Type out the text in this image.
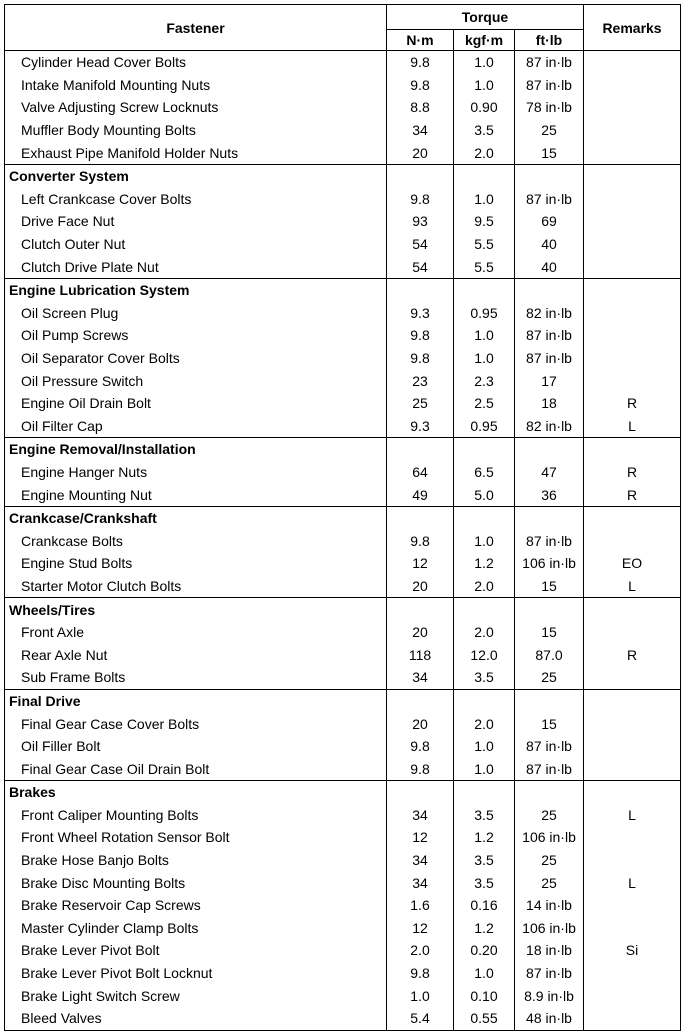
Fastener	Torque			Remarks
	N·m	kgf·m	ft·lb	
Cylinder Head Cover Bolts	9.8	1.0	87 in·lb	
Intake Manifold Mounting Nuts	9.8	1.0	87 in·lb	
Valve Adjusting Screw Locknuts	8.8	0.90	78 in·lb	
Muffler Body Mounting Bolts	34	3.5	25	
Exhaust Pipe Manifold Holder Nuts	20	2.0	15	
Converter System				
Left Crankcase Cover Bolts	9.8	1.0	87 in·lb	
Drive Face Nut	93	9.5	69	
Clutch Outer Nut	54	5.5	40	
Clutch Drive Plate Nut	54	5.5	40	
Engine Lubrication System				
Oil Screen Plug	9.3	0.95	82 in·lb	
Oil Pump Screws	9.8	1.0	87 in·lb	
Oil Separator Cover Bolts	9.8	1.0	87 in·lb	
Oil Pressure Switch	23	2.3	17	
Engine Oil Drain Bolt	25	2.5	18	R
Oil Filter Cap	9.3	0.95	82 in·lb	L
Engine Removal/Installation				
Engine Hanger Nuts	64	6.5	47	R
Engine Mounting Nut	49	5.0	36	R
Crankcase/Crankshaft				
Crankcase Bolts	9.8	1.0	87 in·lb	
Engine Stud Bolts	12	1.2	106 in·lb	EO
Starter Motor Clutch Bolts	20	2.0	15	L
Wheels/Tires				
Front Axle	20	2.0	15	
Rear Axle Nut	118	12.0	87.0	R
Sub Frame Bolts	34	3.5	25	
Final Drive				
Final Gear Case Cover Bolts	20	2.0	15	
Oil Filler Bolt	9.8	1.0	87 in·lb	
Final Gear Case Oil Drain Bolt	9.8	1.0	87 in·lb	
Brakes				
Front Caliper Mounting Bolts	34	3.5	25	L
Front Wheel Rotation Sensor Bolt	12	1.2	106 in·lb	
Brake Hose Banjo Bolts	34	3.5	25	
Brake Disc Mounting Bolts	34	3.5	25	L
Brake Reservoir Cap Screws	1.6	0.16	14 in·lb	
Master Cylinder Clamp Bolts	12	1.2	106 in·lb	
Brake Lever Pivot Bolt	2.0	0.20	18 in·lb	Si
Brake Lever Pivot Bolt Locknut	9.8	1.0	87 in·lb	
Brake Light Switch Screw	1.0	0.10	8.9 in·lb	
Bleed Valves	5.4	0.55	48 in·lb	
